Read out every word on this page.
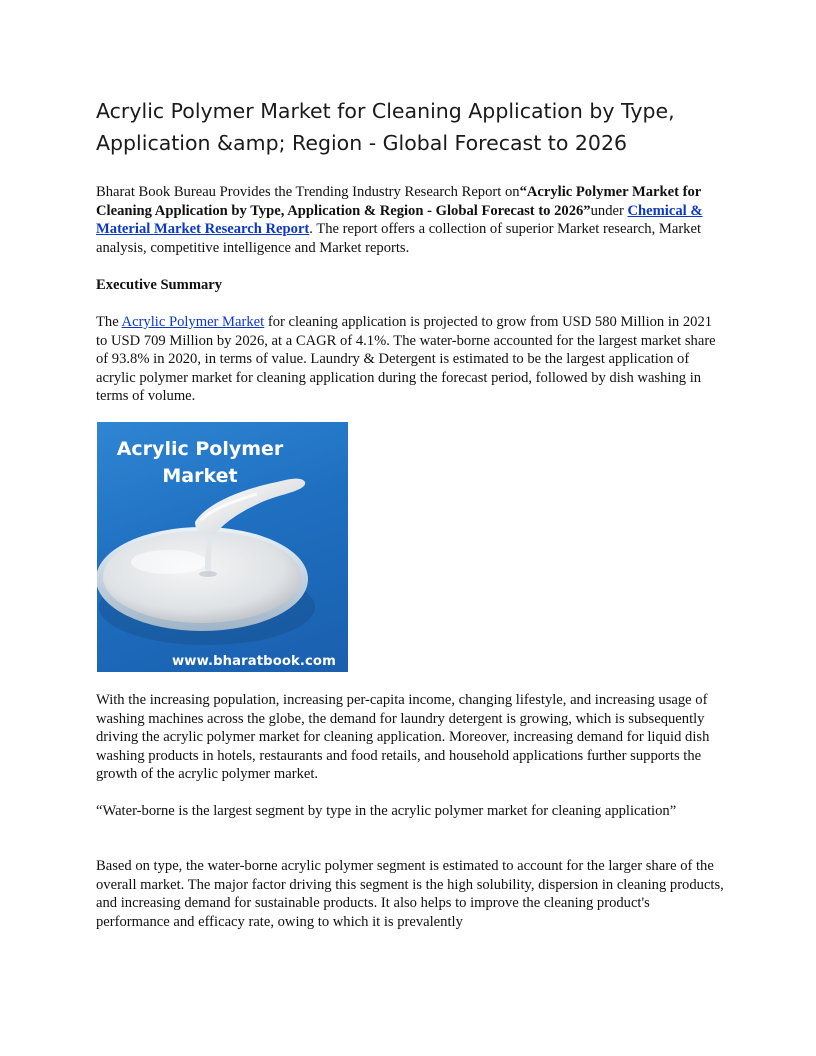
Acrylic Polymer Market for Cleaning Application by Type, Application &amp; Region - Global Forecast to 2026

Bharat Book Bureau Provides the Trending Industry Research Report on“Acrylic Polymer Market for Cleaning Application by Type, Application & Region - Global Forecast to 2026”under Chemical & Material Market Research Report. The report offers a collection of superior Market research, Market analysis, competitive intelligence and Market reports.

Executive Summary

The Acrylic Polymer Market for cleaning application is projected to grow from USD 580 Million in 2021 to USD 709 Million by 2026, at a CAGR of 4.1%. The water-borne accounted for the largest market share of 93.8% in 2020, in terms of value. Laundry & Detergent is estimated to be the largest application of acrylic polymer market for cleaning application during the forecast period, followed by dish washing in terms of volume.

Acrylic Polymer Market
www.bharatbook.com

With the increasing population, increasing per-capita income, changing lifestyle, and increasing usage of washing machines across the globe, the demand for laundry detergent is growing, which is subsequently driving the acrylic polymer market for cleaning application. Moreover, increasing demand for liquid dish washing products in hotels, restaurants and food retails, and household applications further supports the growth of the acrylic polymer market.

“Water-borne is the largest segment by type in the acrylic polymer market for cleaning application”

Based on type, the water-borne acrylic polymer segment is estimated to account for the larger share of the overall market. The major factor driving this segment is the high solubility, dispersion in cleaning products, and increasing demand for sustainable products. It also helps to improve the cleaning product's performance and efficacy rate, owing to which it is prevalently
